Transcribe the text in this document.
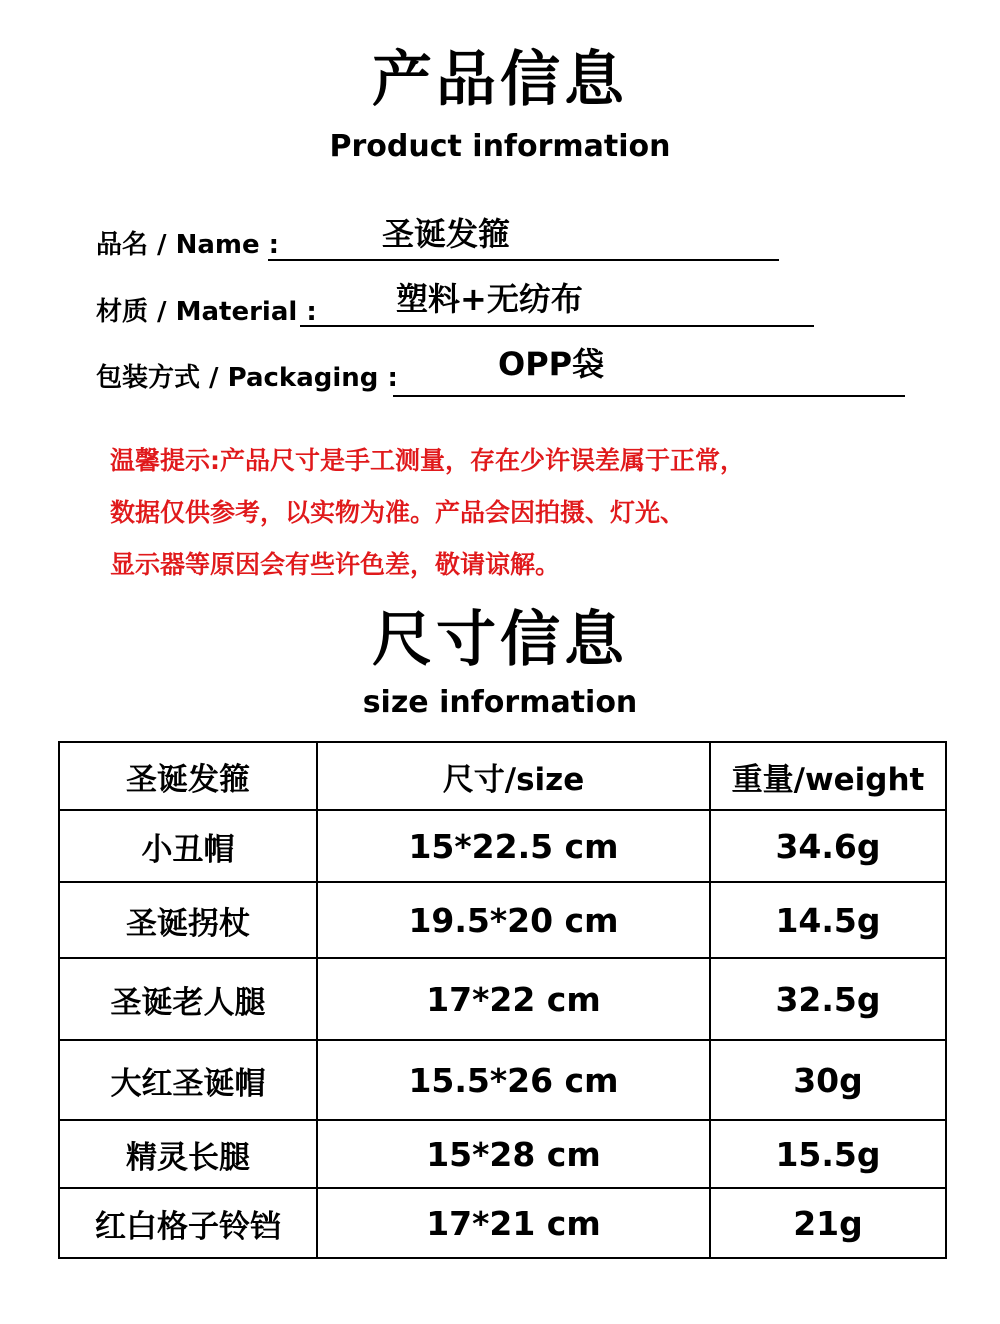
产品信息
Product information
品名 / Name :	圣诞发箍
材质 / Material : 塑料+无纺布
包装方式 / Packaging :	OPP袋
温馨提示:产品尺寸是手工测量，存在少许误差属于正常，
数据仅供参考，以实物为准。产品会因拍摄、灯光、
显示器等原因会有些许色差，敬请谅解。
尺寸信息
size information
圣诞发箍	尺寸/size	重量/weight
小丑帽	15*22.5 cm	34.6g
圣诞拐杖	19.5*20 cm	14.5g
圣诞老人腿	17*22 cm	32.5g
大红圣诞帽	15.5*26 cm	30g
精灵长腿	15*28 cm	15.5g
红白格子铃铛	17*21 cm	21g
